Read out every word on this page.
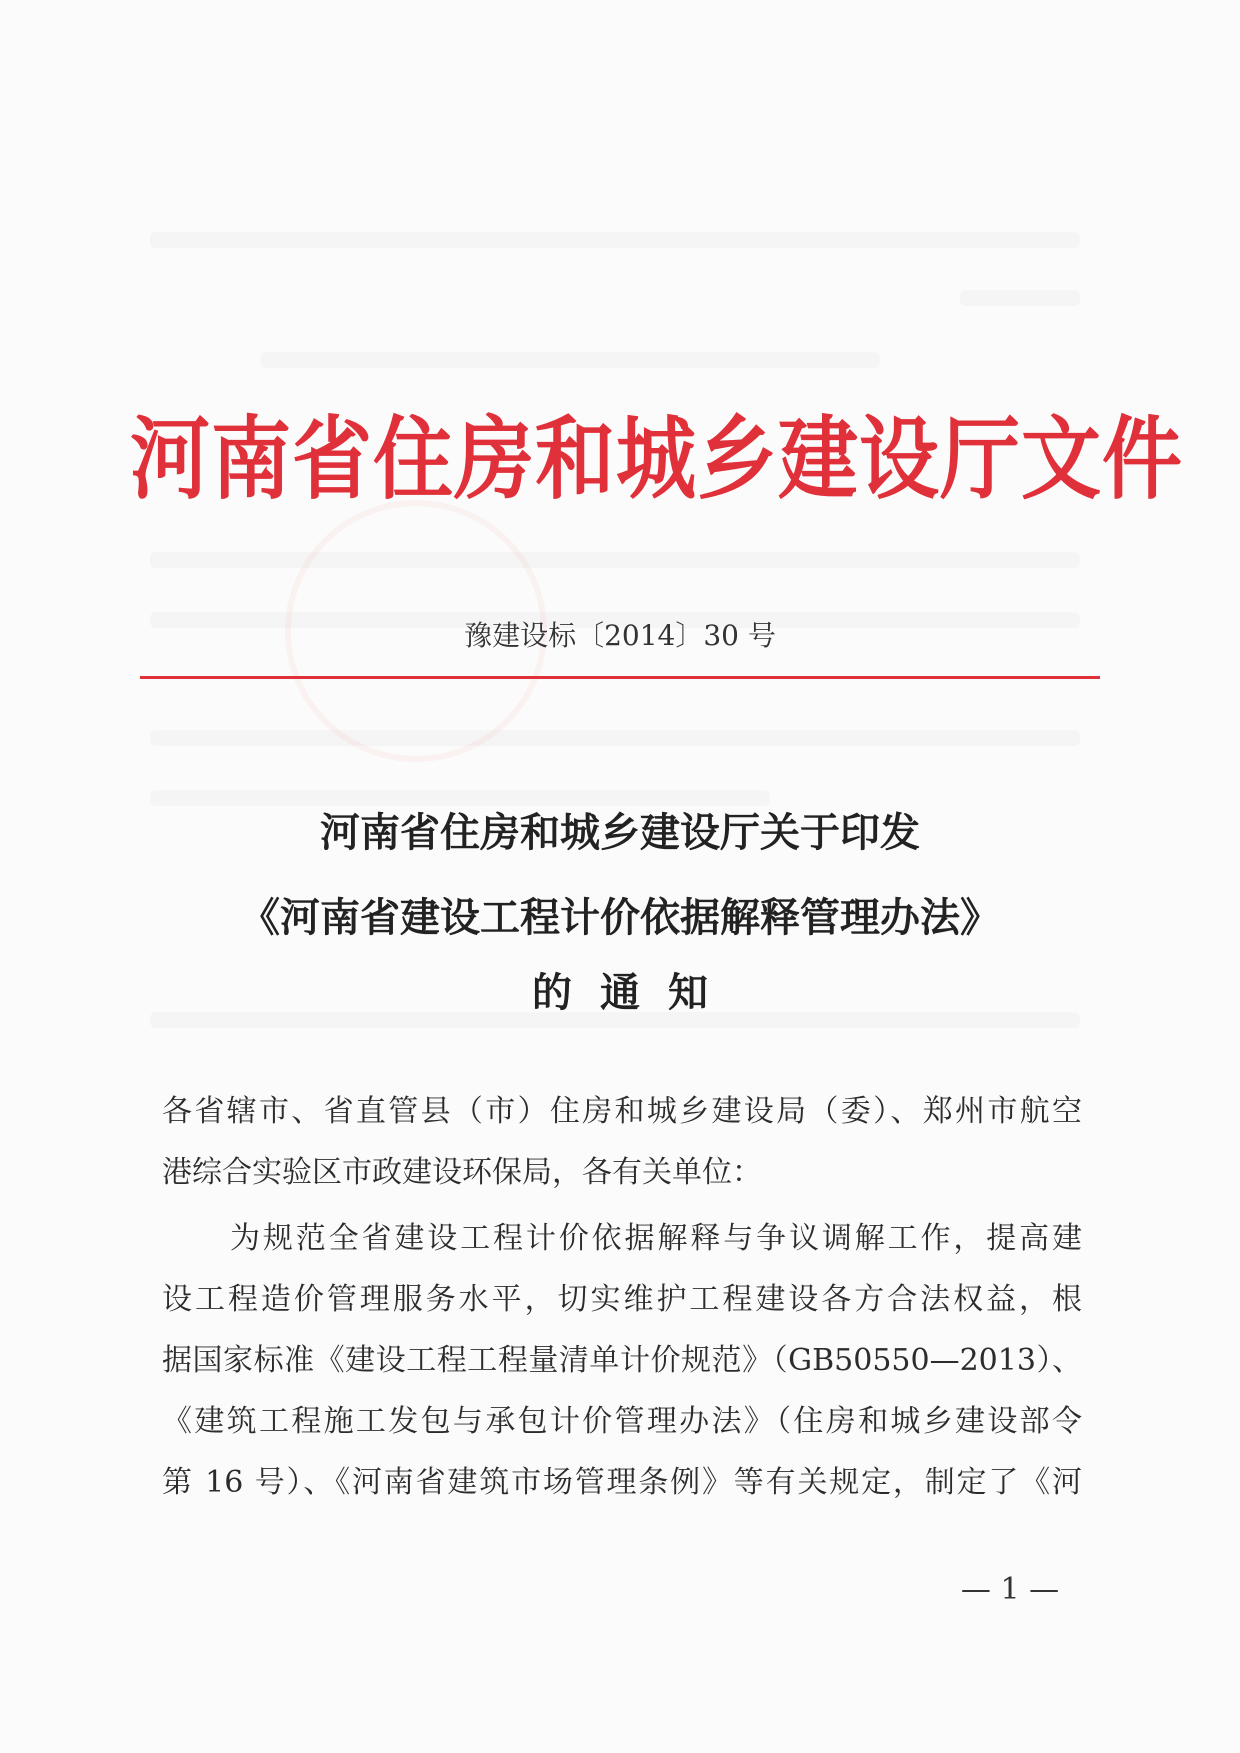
河南省住房和城乡建设厅文件
豫建设标〔2014〕30 号
河南省住房和城乡建设厅关于印发
《河南省建设工程计价依据解释管理办法》
的通知
各省辖市、省直管县（市）住房和城乡建设局（委）、郑州市航空
港综合实验区市政建设环保局，各有关单位：
为规范全省建设工程计价依据解释与争议调解工作，提高建
设工程造价管理服务水平，切实维护工程建设各方合法权益，根
据国家标准《建设工程工程量清单计价规范》（GB50550—2013）、
《建筑工程施工发包与承包计价管理办法》（住房和城乡建设部令
第 16 号）、《河南省建筑市场管理条例》等有关规定，制定了《河
— 1 —
